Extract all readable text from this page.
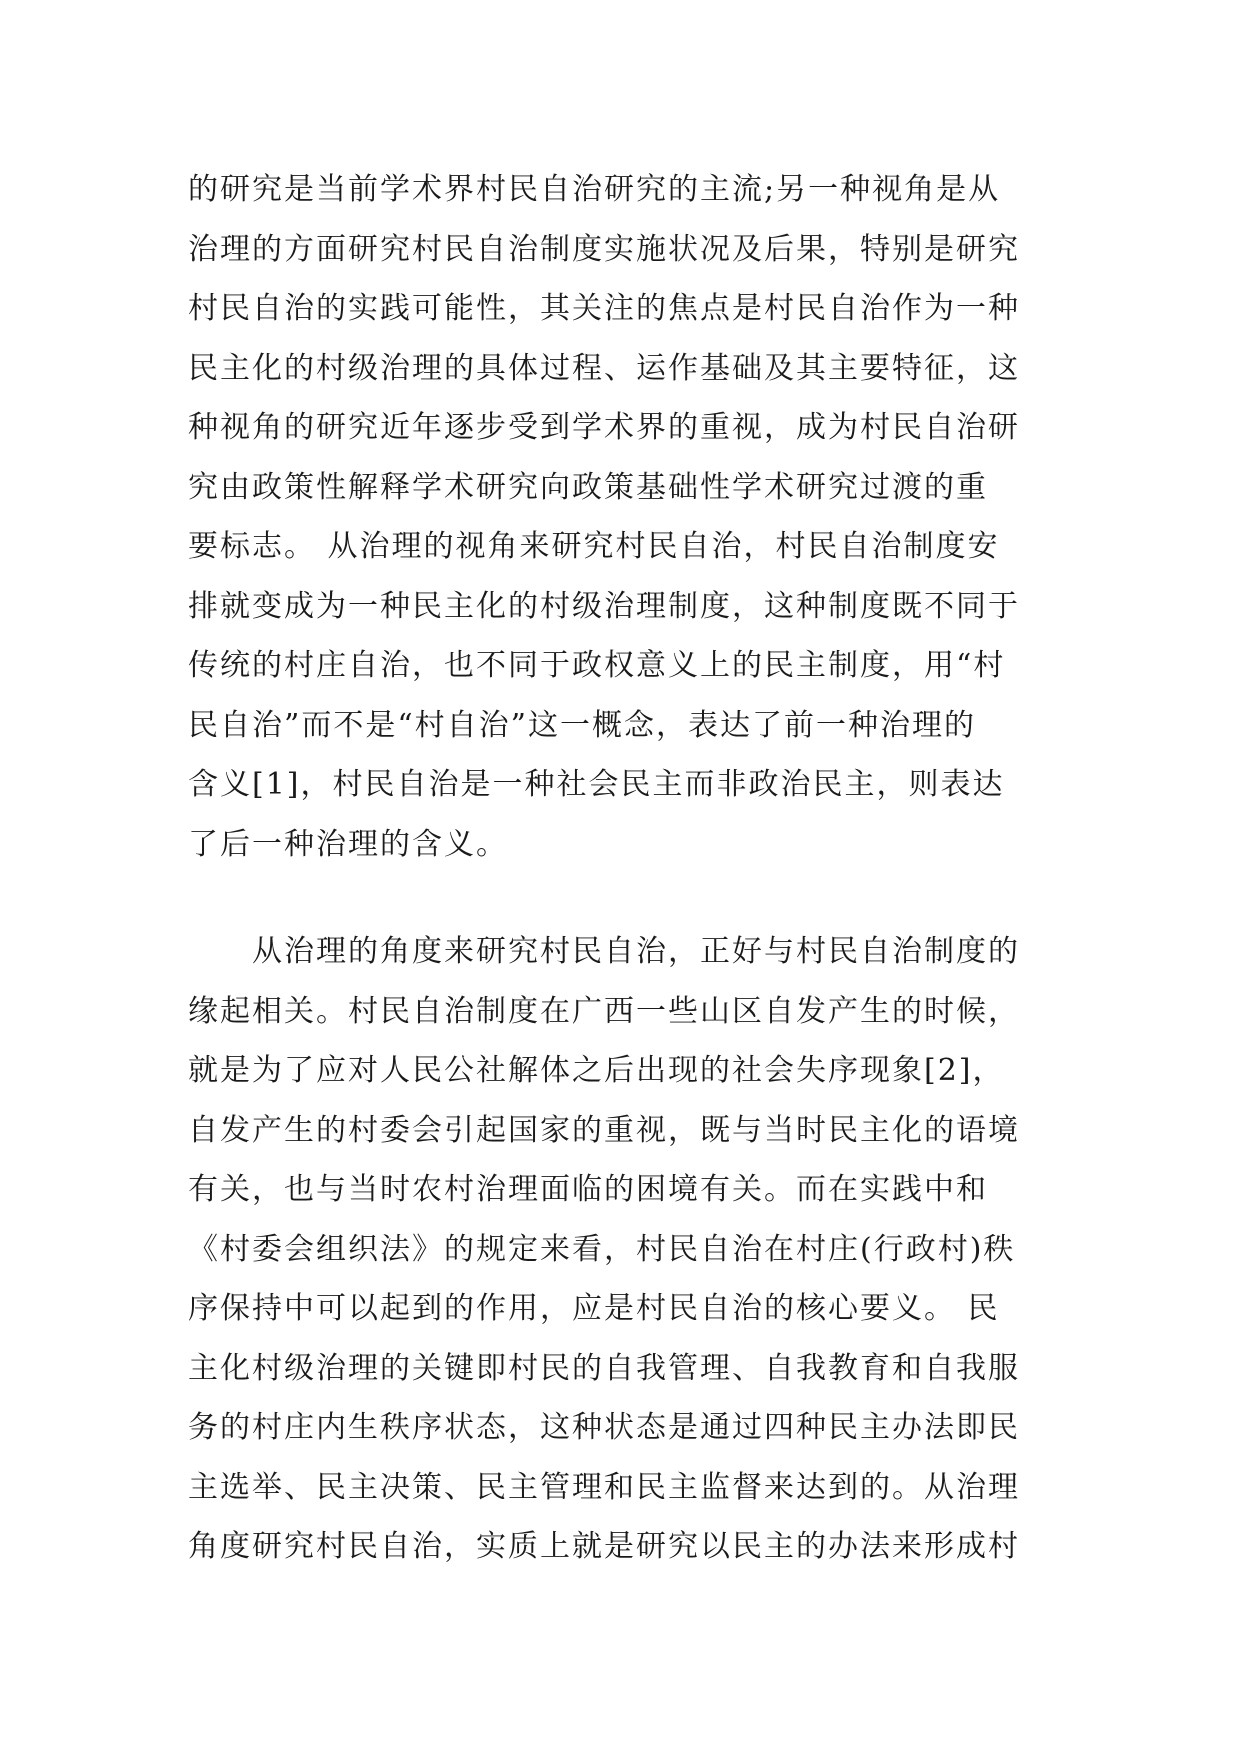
的研究是当前学术界村民自治研究的主流;另一种视角是从
治理的方面研究村民自治制度实施状况及后果，特别是研究
村民自治的实践可能性，其关注的焦点是村民自治作为一种
民主化的村级治理的具体过程、运作基础及其主要特征，这
种视角的研究近年逐步受到学术界的重视，成为村民自治研
究由政策性解释学术研究向政策基础性学术研究过渡的重
要标志。 从治理的视角来研究村民自治，村民自治制度安
排就变成为一种民主化的村级治理制度，这种制度既不同于
传统的村庄自治，也不同于政权意义上的民主制度，用“村
民自治”而不是“村自治”这一概念，表达了前一种治理的
含义[1]，村民自治是一种社会民主而非政治民主，则表达
了后一种治理的含义。
从治理的角度来研究村民自治，正好与村民自治制度的
缘起相关。村民自治制度在广西一些山区自发产生的时候，
就是为了应对人民公社解体之后出现的社会失序现象[2]，
自发产生的村委会引起国家的重视，既与当时民主化的语境
有关，也与当时农村治理面临的困境有关。而在实践中和
《村委会组织法》的规定来看，村民自治在村庄(行政村)秩
序保持中可以起到的作用，应是村民自治的核心要义。 民
主化村级治理的关键即村民的自我管理、自我教育和自我服
务的村庄内生秩序状态，这种状态是通过四种民主办法即民
主选举、民主决策、民主管理和民主监督来达到的。从治理
角度研究村民自治，实质上就是研究以民主的办法来形成村
